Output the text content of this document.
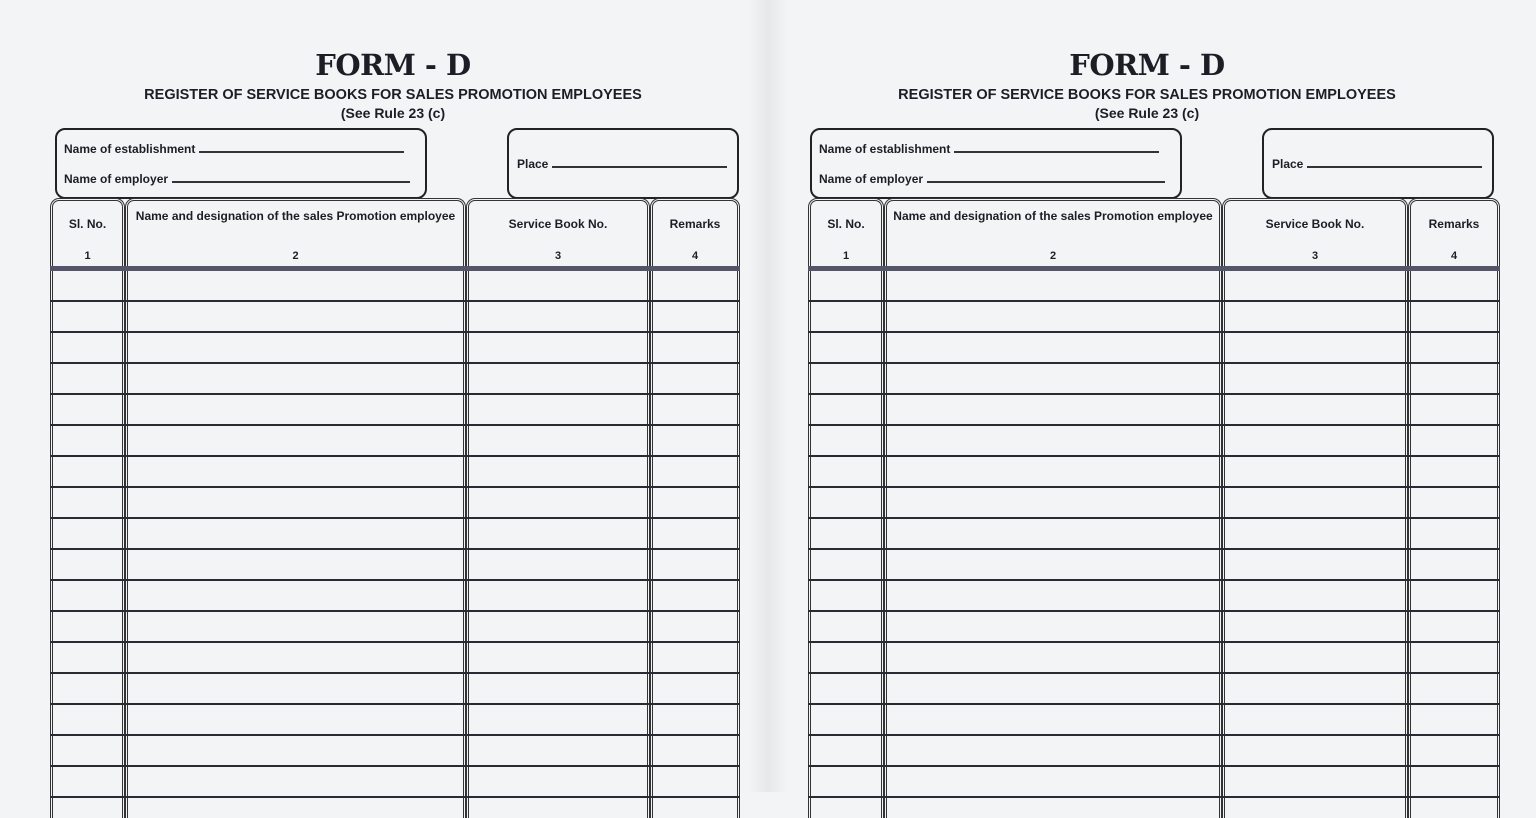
FORM - D
REGISTER OF SERVICE BOOKS FOR SALES PROMOTION EMPLOYEES
(See Rule 23 (c)
Name of establishment
Name of employer
Place
Sl. No.
1
Name and designation of the sales Promotion employee
2
Service Book No.
3
Remarks
4
FORM - D
REGISTER OF SERVICE BOOKS FOR SALES PROMOTION EMPLOYEES
(See Rule 23 (c)
Name of establishment
Name of employer
Place
Sl. No.
1
Name and designation of the sales Promotion employee
2
Service Book No.
3
Remarks
4
